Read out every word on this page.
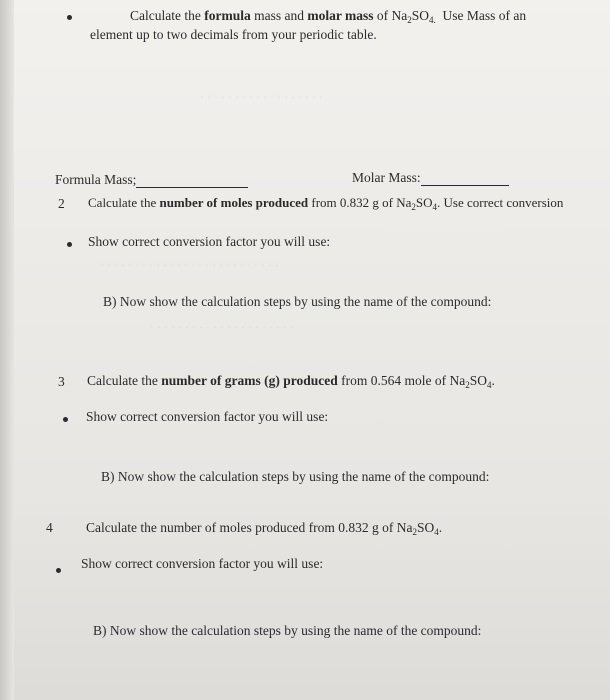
· · · · · · · · · · · · · · · · · ·
· · · · · · · · · · · · · · · · · · · · · · · · · ·
· · · · · · · · · · · · · · · · · · · · ·
Calculate the formula mass and molar mass of $Na_2SO_{4.}$ Use Mass of an
element up to two decimals from your periodic table.
Formula Mass;	Molar Mass:
2 Calculate the number of moles produced from 0.832 g of $Na_2SO_4$. Use correct conversion
Show correct conversion factor you will use:
B) Now show the calculation steps by using the name of the compound:
3 Calculate the number of grams (g) produced from 0.564 mole of $Na_2SO_4$.
Show correct conversion factor you will use:
B) Now show the calculation steps by using the name of the compound:
4 Calculate the number of moles produced from 0.832 g of $Na_2SO_4$.
Show correct conversion factor you will use:
B) Now show the calculation steps by using the name of the compound:
